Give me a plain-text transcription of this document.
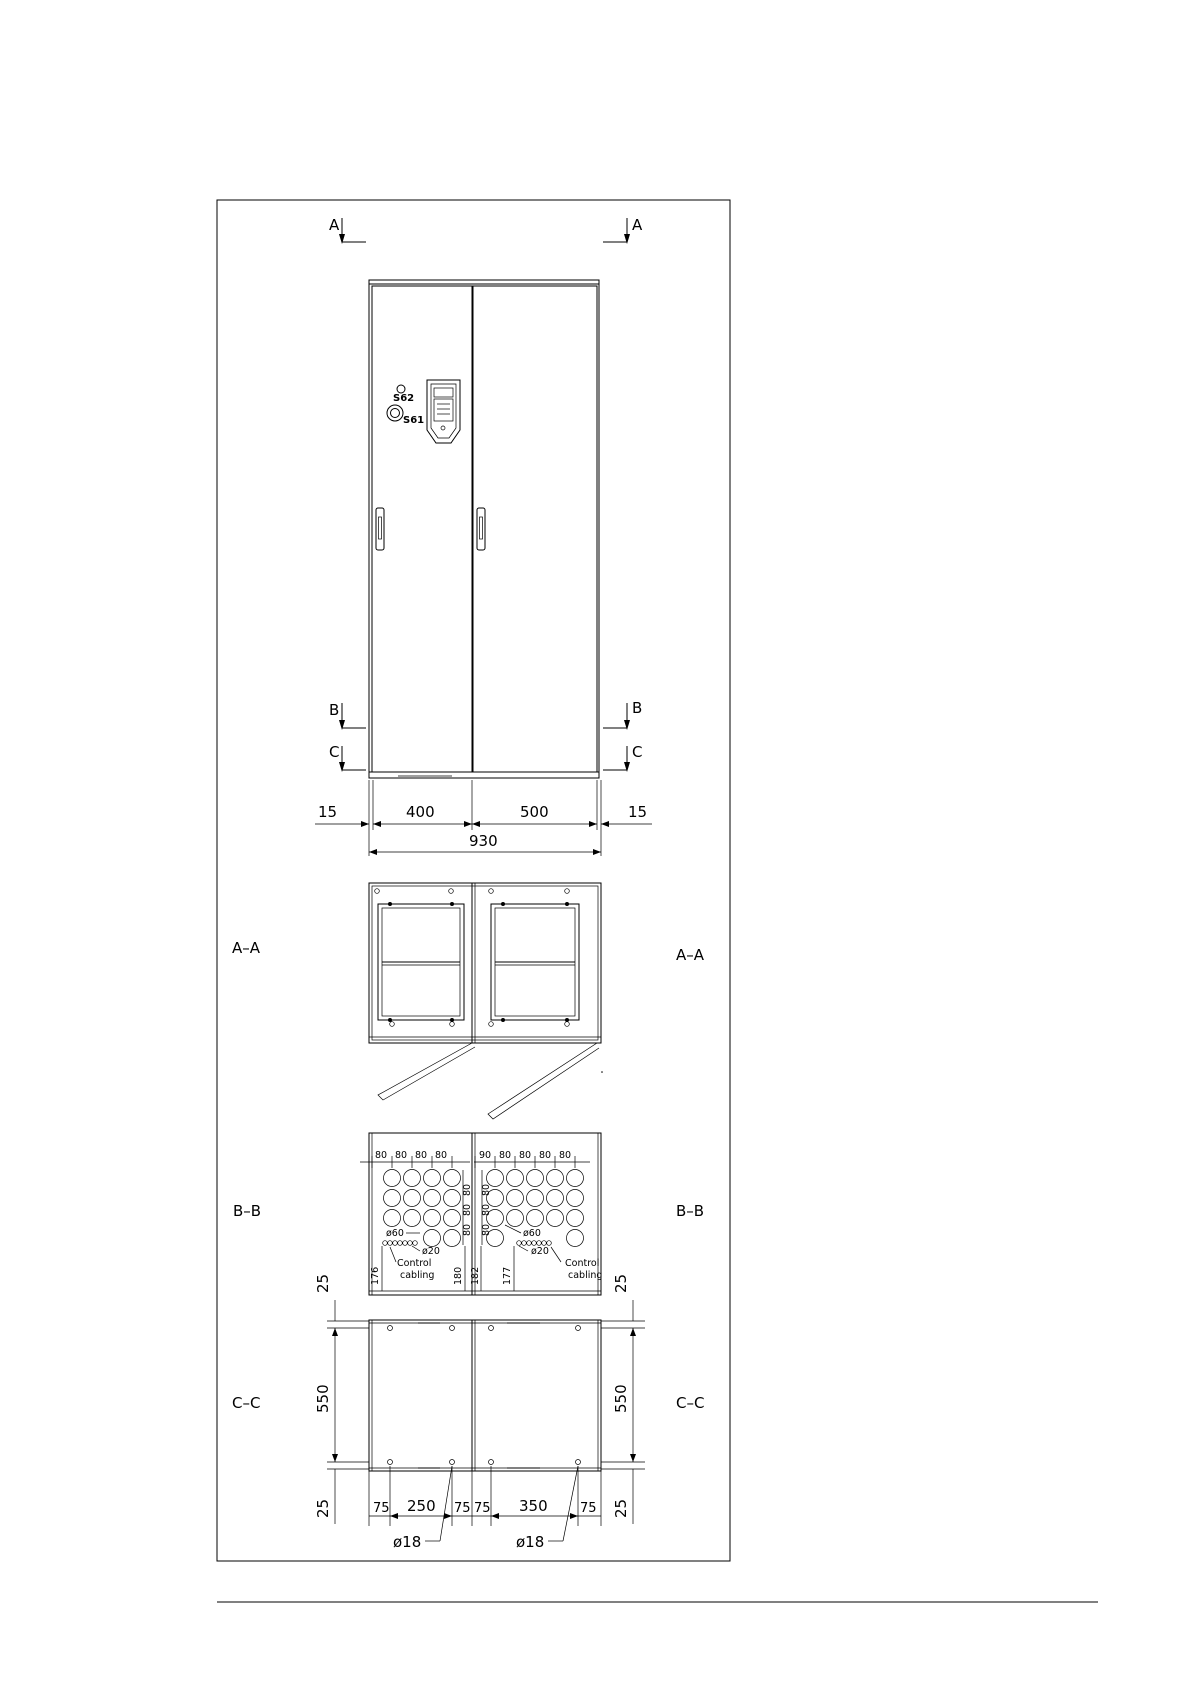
A	A
B	B
C	C
S62
S61
15	400	500	15
930
A–A	A–A
B–B	B–B
80 80 80 80	90 80 80 80 80
80
80
80
80
80
80
ø60
ø20
ø60
ø20
176	180 182 177
Control
cabling
Control
cabling
C–C	C–C
25
550
25
25
550
25
75 250 75 75 350 75
ø18	ø18
